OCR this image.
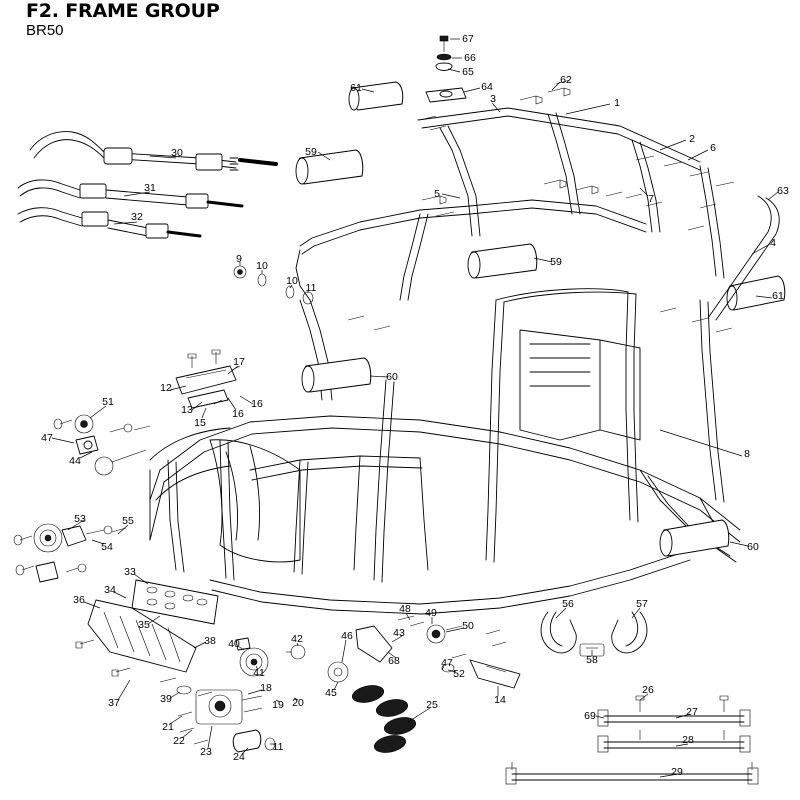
F2. FRAME GROUP
BR50	67
66
65
64
62
61
3	1
2
6
59
30
31
7
5	63
32
4
59
9
10
10
11
61
17
60
12
16
13	16
15
51
47
44
8
53	55
54	60
33
34
36
35
56	57
48 49
50
43
38 40	42	46
58
68	47
52
41
37	39
18	45
14
25
26
19 20
27
69
21
22
23
28
11
24
29
